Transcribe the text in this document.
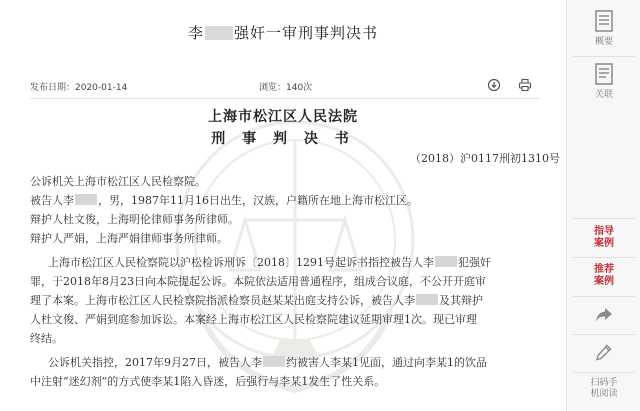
李 强奸一审刑事判决书
发布日期：2020-01-14	浏览：140次
上海市松江区人民法院
刑 事 判 决 书
（2018）沪0117刑初1310号
公诉机关上海市松江区人民检察院。
被告人李 ，男，1987年11月16日出生，汉族，户籍所在地上海市松江区。
辩护人杜文俊，上海明伦律师事务所律师。
辩护人严娟，上海严娟律师事务所律师。
上海市松江区人民检察院以沪松检诉刑诉〔2018〕1291号起诉书指控被告人李 犯强奸
罪，于2018年8月23日向本院提起公诉。本院依法适用普通程序，组成合议庭，不公开开庭审
理了本案。上海市松江区人民检察院指派检察员赵某某出庭支持公诉，被告人李 及其辩护
人杜文俊、严娟到庭参加诉讼。本案经上海市松江区人民检察院建议延期审理1次。现已审理
终结。
公诉机关指控，2017年9月27日，被告人李 约被害人李某1见面，通过向李某1的饮品
中注射“迷幻剂”的方式使李某1陷入昏迷，后强行与李某1发生了性关系。
概要
关联
指导
案例
推荐
案例
扫码手
机阅读
